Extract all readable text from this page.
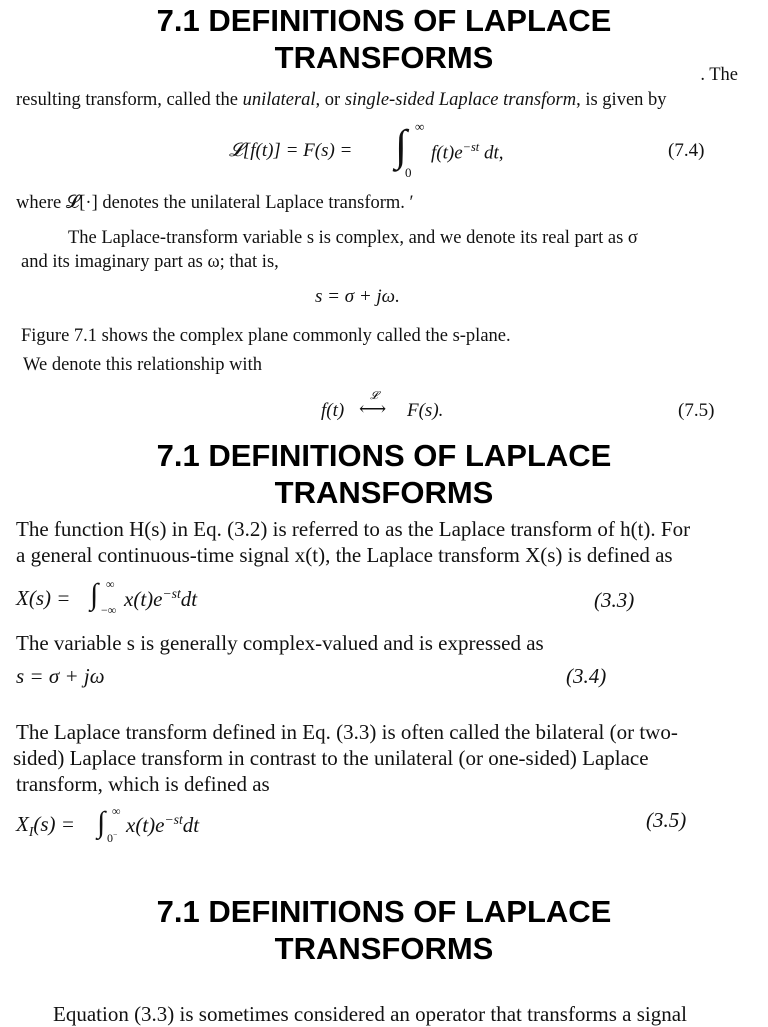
7.1 DEFINITIONS OF LAPLACE
TRANSFORMS	. The
resulting transform, called the unilateral, or single-sided Laplace transform, is given by
𝓛[f(t)] = F(s) = ∫ ∞
0
$f(t)e^{-st}$ dt,	(7.4)
where 𝓛[·] denotes the unilateral Laplace transform. ′
The Laplace-transform variable s is complex, and we denote its real part as σ
and its imaginary part as ω; that is,
s = σ + jω.
Figure 7.1 shows the complex plane commonly called the s-plane.
We denote this relationship with
f(t) ⟷
𝓛
F(s).	(7.5)
7.1 DEFINITIONS OF LAPLACE
TRANSFORMS
The function H(s) in Eq. (3.2) is referred to as the Laplace transform of h(t). For
a general continuous-time signal x(t), the Laplace transform X(s) is defined as
X(s) = ∫ ∞
−∞ $x(t)e^{-st}dt$	(3.3)
The variable s is generally complex-valued and is expressed as
s = σ + jω	(3.4)
The Laplace transform defined in Eq. (3.3) is often called the bilateral (or two-
sided) Laplace transform in contrast to the unilateral (or one-sided) Laplace
transform, which is defined as
$X_I(s)$ = ∫ ∞
0− $x(t)e^{-st}dt$	(3.5)
7.1 DEFINITIONS OF LAPLACE
TRANSFORMS
Equation (3.3) is sometimes considered an operator that transforms a signal
